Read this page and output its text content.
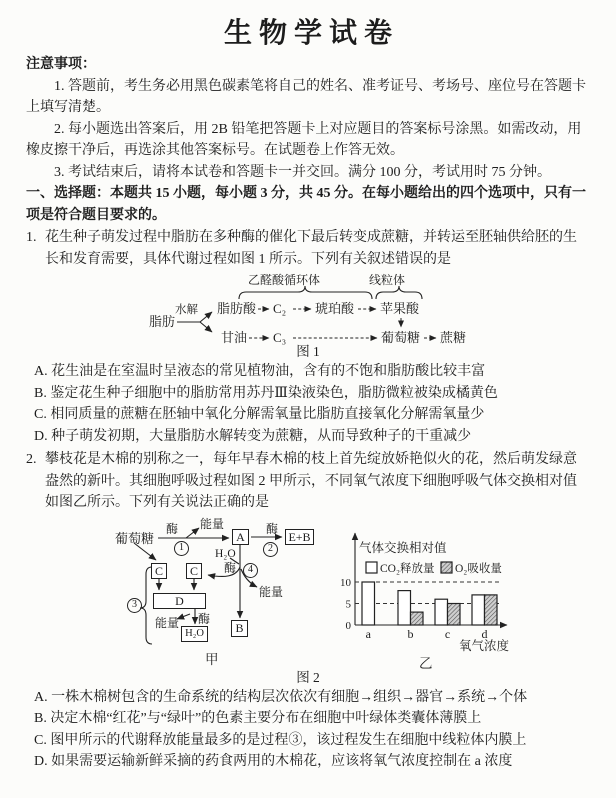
生 物 学 试 卷

注意事项：

1. 答题前，考生务必用黑色碳素笔将自己的姓名、准考证号、考场号、座位号在答题卡上填写清楚。

2. 每小题选出答案后，用 2B 铅笔把答题卡上对应题目的答案标号涂黑。如需改动，用橡皮擦干净后，再选涂其他答案标号。在试题卷上作答无效。

3. 考试结束后，请将本试卷和答题卡一并交回。满分 100 分，考试用时 75 分钟。

一、选择题：本题共 15 小题，每小题 3 分，共 45 分。在每小题给出的四个选项中，只有一项是符合题目要求的。

1. 花生种子萌发过程中脂肪在多种酶的催化下最后转变成蔗糖，并转运至胚轴供给胚的生长和发育需要，具体代谢过程如图 1 所示。下列有关叙述错误的是

乙醛酸循环体	线粒体
脂肪
水解 脂肪酸 C₂ 琥珀酸 苹果酸
甘油 C₃	葡萄糖 蔗糖

图 1

A. 花生油是在室温时呈液态的常见植物油，含有的不饱和脂肪酸比较丰富

B. 鉴定花生种子细胞中的脂肪常用苏丹Ⅲ染液染色，脂肪微粒被染成橘黄色

C. 相同质量的蔗糖在胚轴中氧化分解需氧量比脂肪直接氧化分解需氧量少

D. 种子萌发初期，大量脂肪水解转变为蔗糖，从而导致种子的干重减少

2. 攀枝花是木棉的别称之一，每年早春木棉的枝上首先绽放娇艳似火的花，然后萌发绿意盎然的新叶。其细胞呼吸过程如图 2 甲所示，不同氧气浓度下细胞呼吸气体交换相对值如图乙所示。下列有关说法正确的是

葡萄糖
酶 能量
1
A
酶
2
E+B
H₂O
酶	4
C	C
能量
D
3
能量 酶
H₂O	B
甲
气体交换相对值
CO₂释放量 O₂吸收量
氧气浓度
0
5
10
a	b	c	d
乙

图 2

A. 一株木棉树包含的生命系统的结构层次依次有细胞→组织→器官→系统→个体

B. 决定木棉“红花”与“绿叶”的色素主要分布在细胞中叶绿体类囊体薄膜上

C. 图甲所示的代谢释放能量最多的是过程③，该过程发生在细胞中线粒体内膜上

D. 如果需要运输新鲜采摘的药食两用的木棉花，应该将氧气浓度控制在 a 浓度
